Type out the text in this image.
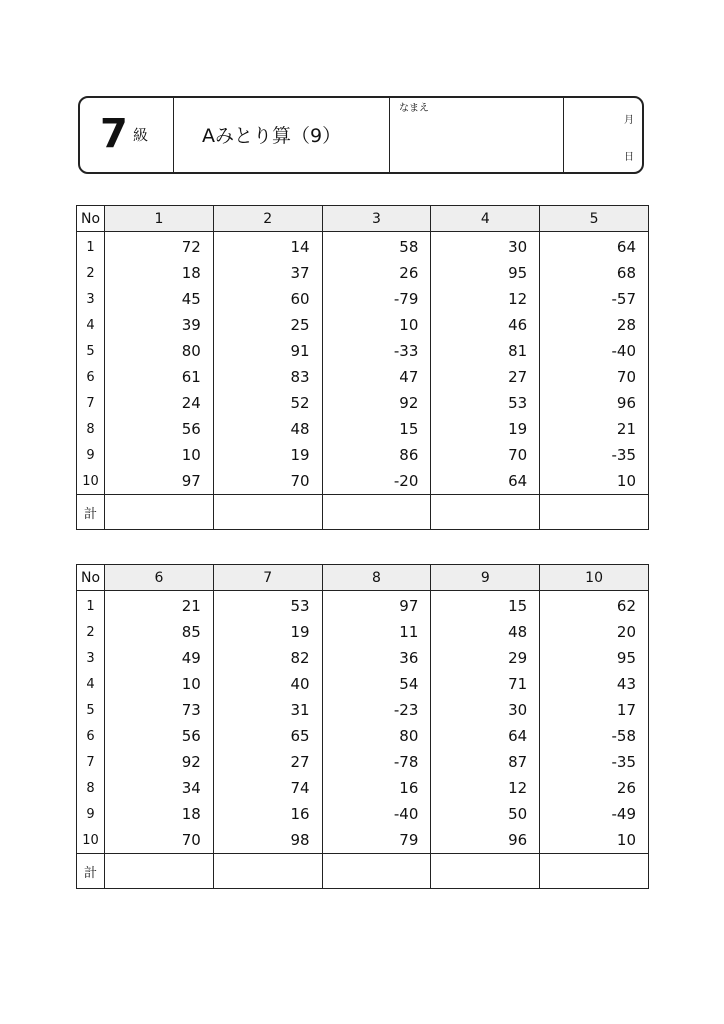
7 級	Aみとり算（9）
なまえ
月
日
No	1	2	3	4	5
1	72	14	58	30	64
2	18	37	26	95	68
3	45	60	-79	12	-57
4	39	25	10	46	28
5	80	91	-33	81	-40
6	61	83	47	27	70
7	24	52	92	53	96
8	56	48	15	19	21
9	10	19	86	70	-35
10	97	70	-20	64	10
計					
No	6	7	8	9	10
1	21	53	97	15	62
2	85	19	11	48	20
3	49	82	36	29	95
4	10	40	54	71	43
5	73	31	-23	30	17
6	56	65	80	64	-58
7	92	27	-78	87	-35
8	34	74	16	12	26
9	18	16	-40	50	-49
10	70	98	79	96	10
計					
